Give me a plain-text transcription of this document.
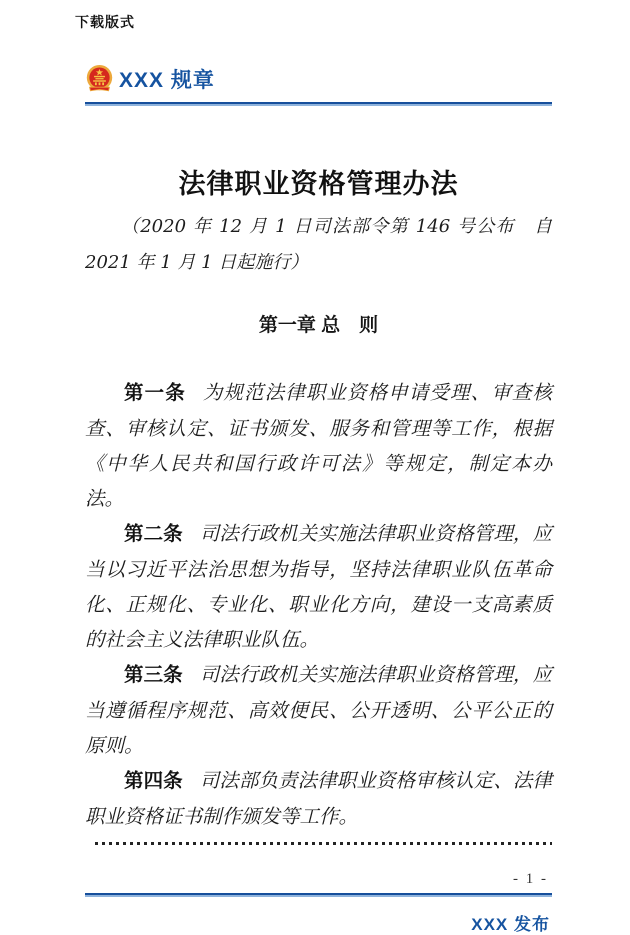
下载版式
XXX 规章
法律职业资格管理办法

（2020 年 12 月 1 日司法部令第 146 号公布　自 2021 年 1 月 1 日起施行）

第一章 总　则

第一条 为规范法律职业资格申请受理、审查核查、审核认定、证书颁发、服务和管理等工作，根据《中华人民共和国行政许可法》等规定，制定本办法。

第二条 司法行政机关实施法律职业资格管理，应当以习近平法治思想为指导，坚持法律职业队伍革命化、正规化、专业化、职业化方向，建设一支高素质的社会主义法律职业队伍。

第三条 司法行政机关实施法律职业资格管理，应当遵循程序规范、高效便民、公开透明、公平公正的原则。

第四条 司法部负责法律职业资格审核认定、法律职业资格证书制作颁发等工作。

- 1 -
XXX 发布
